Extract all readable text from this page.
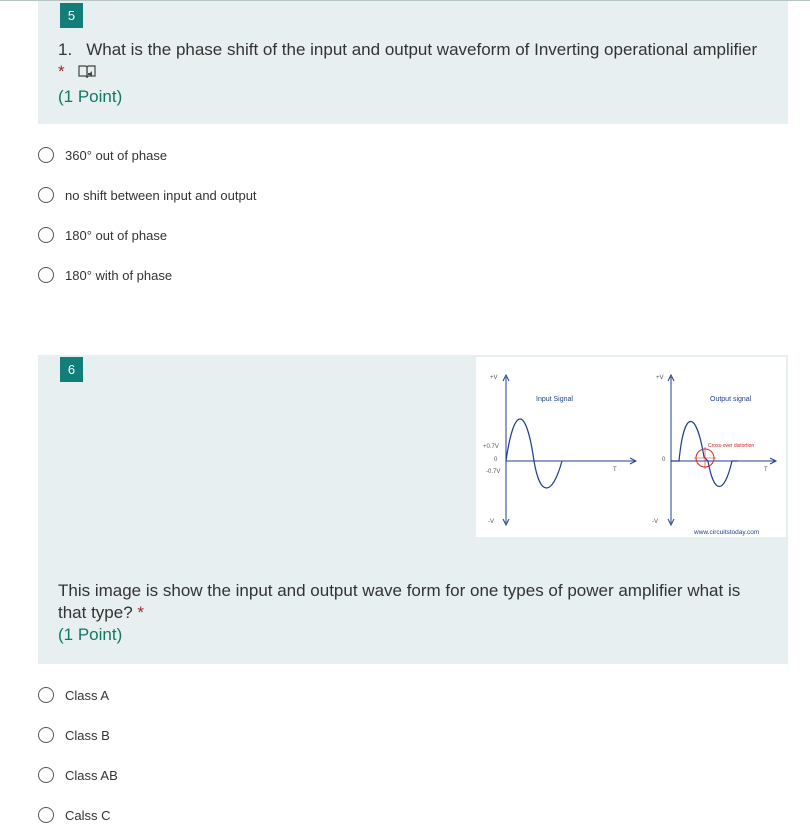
5
1. What is the phase shift of the input and output waveform of Inverting operational amplifier *
(1 Point)
360° out of phase
no shift between input and output
180° out of phase
180° with of phase
6
+V
Input Signal
+0.7V
0
-0.7V	T
-V
+V
Output signal
Cross-over distortion
0
T
-V
www.circuitstoday.com
This image is show the input and output wave form for one types of power amplifier what is that type? *
(1 Point)
Class A
Class B
Class AB
Calss C
